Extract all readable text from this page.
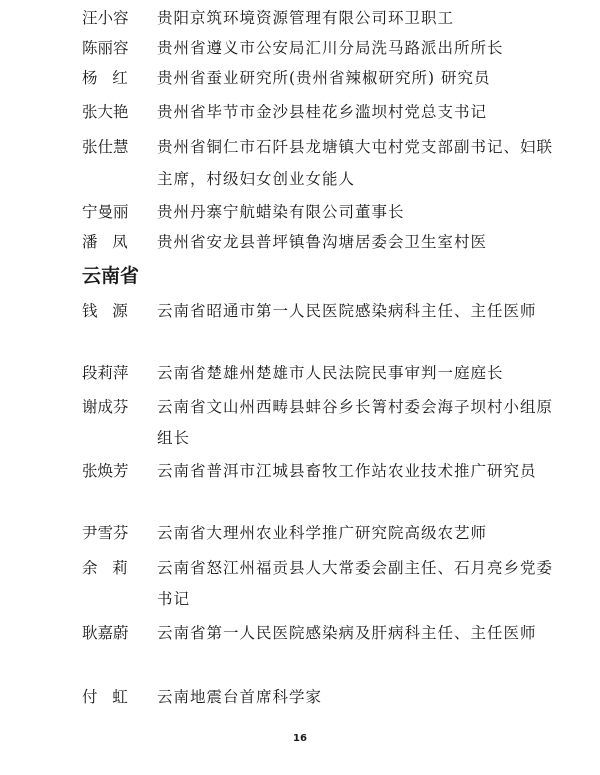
汪小容	贵阳京筑环境资源管理有限公司环卫职工
陈丽容	贵州省遵义市公安局汇川分局洗马路派出所所长
杨红 贵州省蚕业研究所(贵州省辣椒研究所) 研究员
张大艳	贵州省毕节市金沙县桂花乡滥坝村党总支书记
张仕慧	贵州省铜仁市石阡县龙塘镇大屯村党支部副书记、妇联主席，村级妇女创业女能人
宁曼丽	贵州丹寨宁航蜡染有限公司董事长
潘凤 贵州省安龙县普坪镇鲁沟塘居委会卫生室村医
云南省
钱源 云南省昭通市第一人民医院感染病科主任、主任医师
段莉萍	云南省楚雄州楚雄市人民法院民事审判一庭庭长
谢成芬	云南省文山州西畴县蚌谷乡长箐村委会海子坝村小组原组长
张焕芳	云南省普洱市江城县畜牧工作站农业技术推广研究员
尹雪芬	云南省大理州农业科学推广研究院高级农艺师
余莉 云南省怒江州福贡县人大常委会副主任、石月亮乡党委书记
耿嘉蔚	云南省第一人民医院感染病及肝病科主任、主任医师
付虹 云南地震台首席科学家
16
